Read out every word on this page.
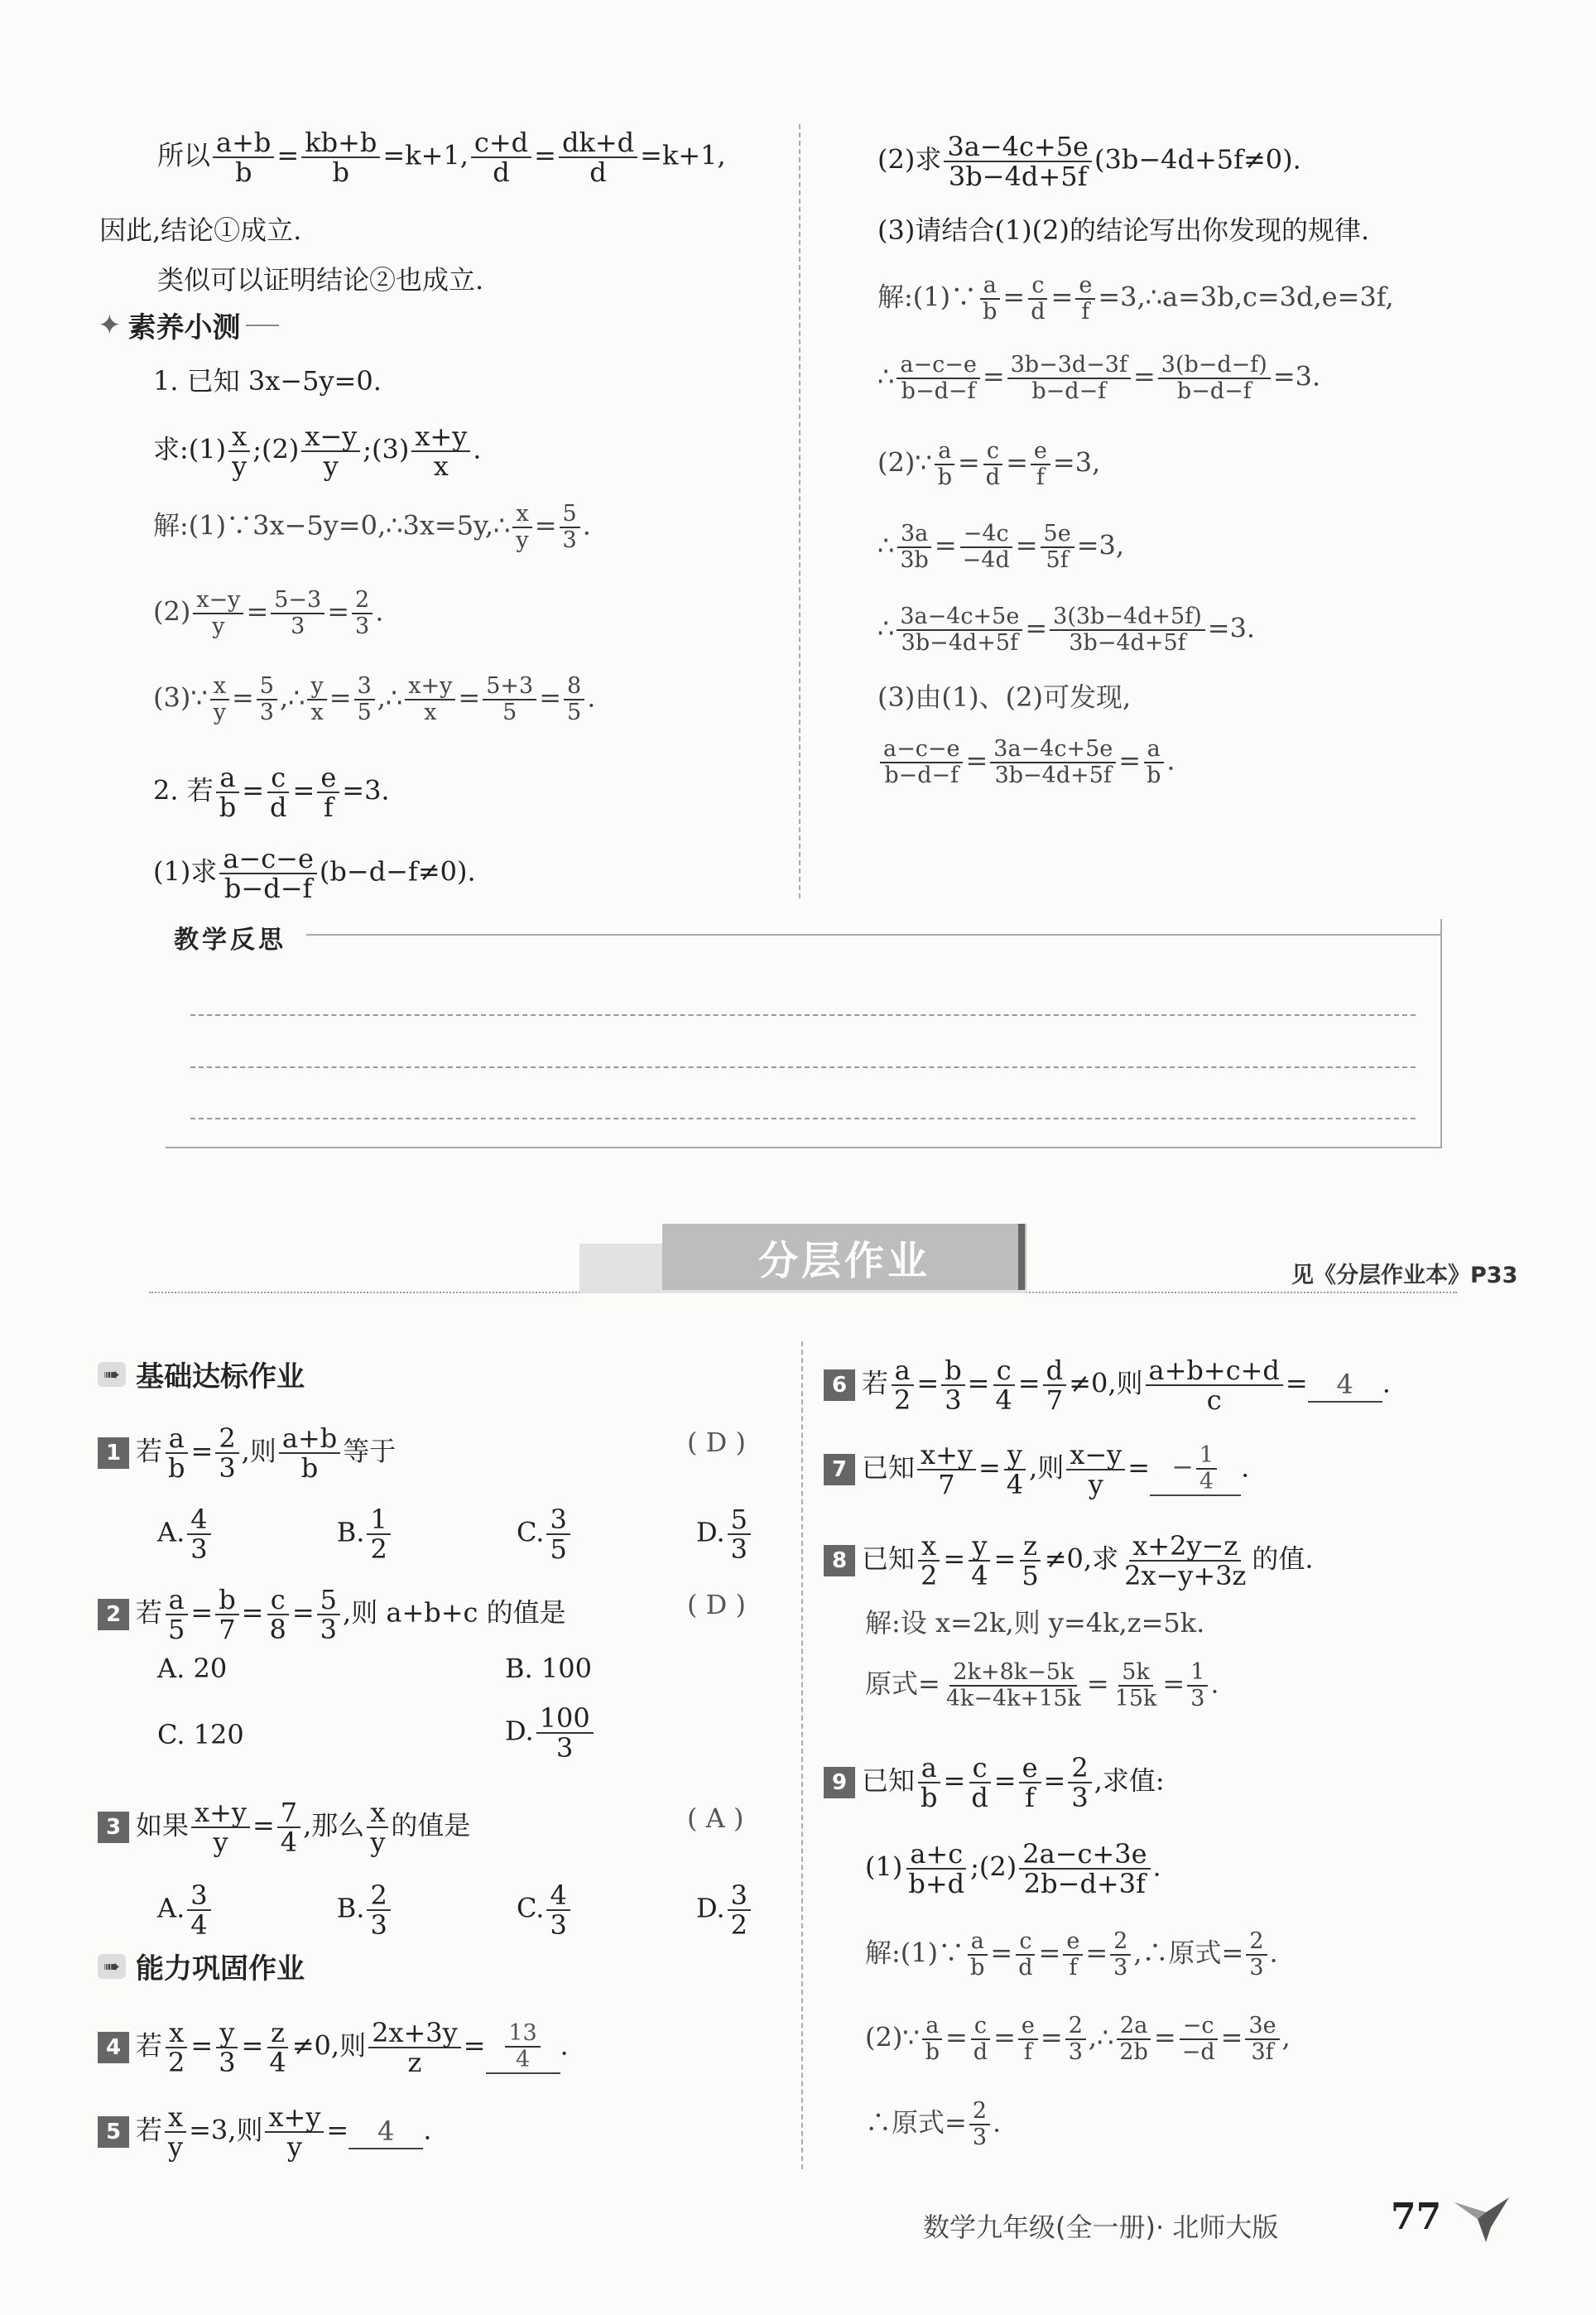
所以 $\frac{a+b}{b} = \frac{kb+b}{b} =k+1$, $\frac{c+d}{d} = \frac{dk+d}{d} =k+1$,
因此,结论①成立.
类似可以证明结论②也成立.
✦ 素养小测
1. 已知 3x−5y=0.
求:(1) $\frac{x}{y}$ ;(2) $\frac{x-y}{y}$ ;(3) $\frac{x+y}{x}$ .
解:(1)∵3x−5y=0,∴3x=5y,∴ $\frac{x}{y} = \frac{5}{3}$ .
$(2) \frac{x-y}{y} = \frac{5-3}{3} = \frac{2}{3}$ .
(3)∵ $\frac{x}{y} = \frac{5}{3}$ ,∴ $\frac{y}{x} = \frac{3}{5}$ ,∴ $\frac{x+y}{x} = \frac{5+3}{5} = \frac{8}{5}$ .
2. 若 $\frac{a}{b} = \frac{c}{d} = \frac{e}{f} =3$.
(1)求 $\frac{a-c-e}{b-d-f} (b-d-f\ne 0)$.
(2)求 $\frac{3a-4c+5e}{3b-4d+5f} (3b-4d+5f\ne 0)$.
(3)请结合(1)(2)的结论写出你发现的规律.
解:(1)∵ $\frac{a}{b} = \frac{c}{d} = \frac{e}{f}$ =3,∴a=3b,c=3d,e=3f,
∴ $\frac{a-c-e}{b-d-f} = \frac{3b-3d-3f}{b-d-f} = \frac{3(b-d-f)}{b-d-f} =3$.
(2)∵ $\frac{a}{b} = \frac{c}{d} = \frac{e}{f} =3$,
∴ $\frac{3a}{3b} = \frac{-4c}{-4d} = \frac{5e}{5f} =3$,
∴ $\frac{3a-4c+5e}{3b-4d+5f} = \frac{3(3b-4d+5f)}{3b-4d+5f} =3$.
(3)由(1)、(2)可发现,
$\frac{a-c-e}{b-d-f} = \frac{3a-4c+5e}{3b-4d+5f} = \frac{a}{b}$ .
教学反思
分层作业	见《分层作业本》P33
➠ 基础达标作业
1 若 $\frac{a}{b} = \frac{2}{3}$ ,则 $\frac{a+b}{b}$ 等于	( D )
A. $\frac{4}{3}$	B. $\frac{1}{2}$	C. $\frac{3}{5}$	D. $\frac{5}{3}$
2 若 $\frac{a}{5} = \frac{b}{7} = \frac{c}{8} = \frac{5}{3}$ ,则 a+b+c 的值是	( D )
A. 20	B. 100
C. 120	D. $\frac{100}{3}$
3 如果 $\frac{x+y}{y} = \frac{7}{4}$ ,那么 $\frac{x}{y}$ 的值是	( A )
A. $\frac{3}{4}$	B. $\frac{2}{3}$	C. $\frac{4}{3}$	D. $\frac{3}{2}$
➠ 能力巩固作业
4 若 $\frac{x}{2} = \frac{y}{3} = \frac{z}{4} \ne 0$,则 $\frac{2x+3y}{z} = \frac{13}{4}$ .
5 若 $\frac{x}{y} =3$,则 $\frac{x+y}{y} = 4$ .
6 若 $\frac{a}{2} = \frac{b}{3} = \frac{c}{4} = \frac{d}{7} \ne 0$,则 $\frac{a+b+c+d}{c} = 4$ .
7 已知 $\frac{x+y}{7} = \frac{y}{4}$ ,则 $\frac{x-y}{y}$ = − $\frac{1}{4}$ .
8 已知 $\frac{x}{2} = \frac{y}{4} = \frac{z}{5} \ne 0$,求 $\frac{x+2y-z}{2x-y+3z}$ 的值.
解:设 x=2k,则 y=4k,z=5k.
原式= $\frac{2k+8k-5k}{4k-4k+15k} = \frac{5k}{15k} = \frac{1}{3}$ .
9 已知 $\frac{a}{b} = \frac{c}{d} = \frac{e}{f} = \frac{2}{3}$ ,求值:
$(1) \frac{a+c}{b+d}$ ;(2) $\frac{2a-c+3e}{2b-d+3f}$ .
解:(1)∵ $\frac{a}{b} = \frac{c}{d} = \frac{e}{f} = \frac{2}{3}$ ,∴原式= $\frac{2}{3}$ .
(2)∵ $\frac{a}{b} = \frac{c}{d} = \frac{e}{f} = \frac{2}{3}$ ,∴ $\frac{2a}{2b} = \frac{-c}{-d} = \frac{3e}{3f}$ ,
∴原式= $\frac{2}{3}$ .
数学九年级(全一册)· 北师大版	77
